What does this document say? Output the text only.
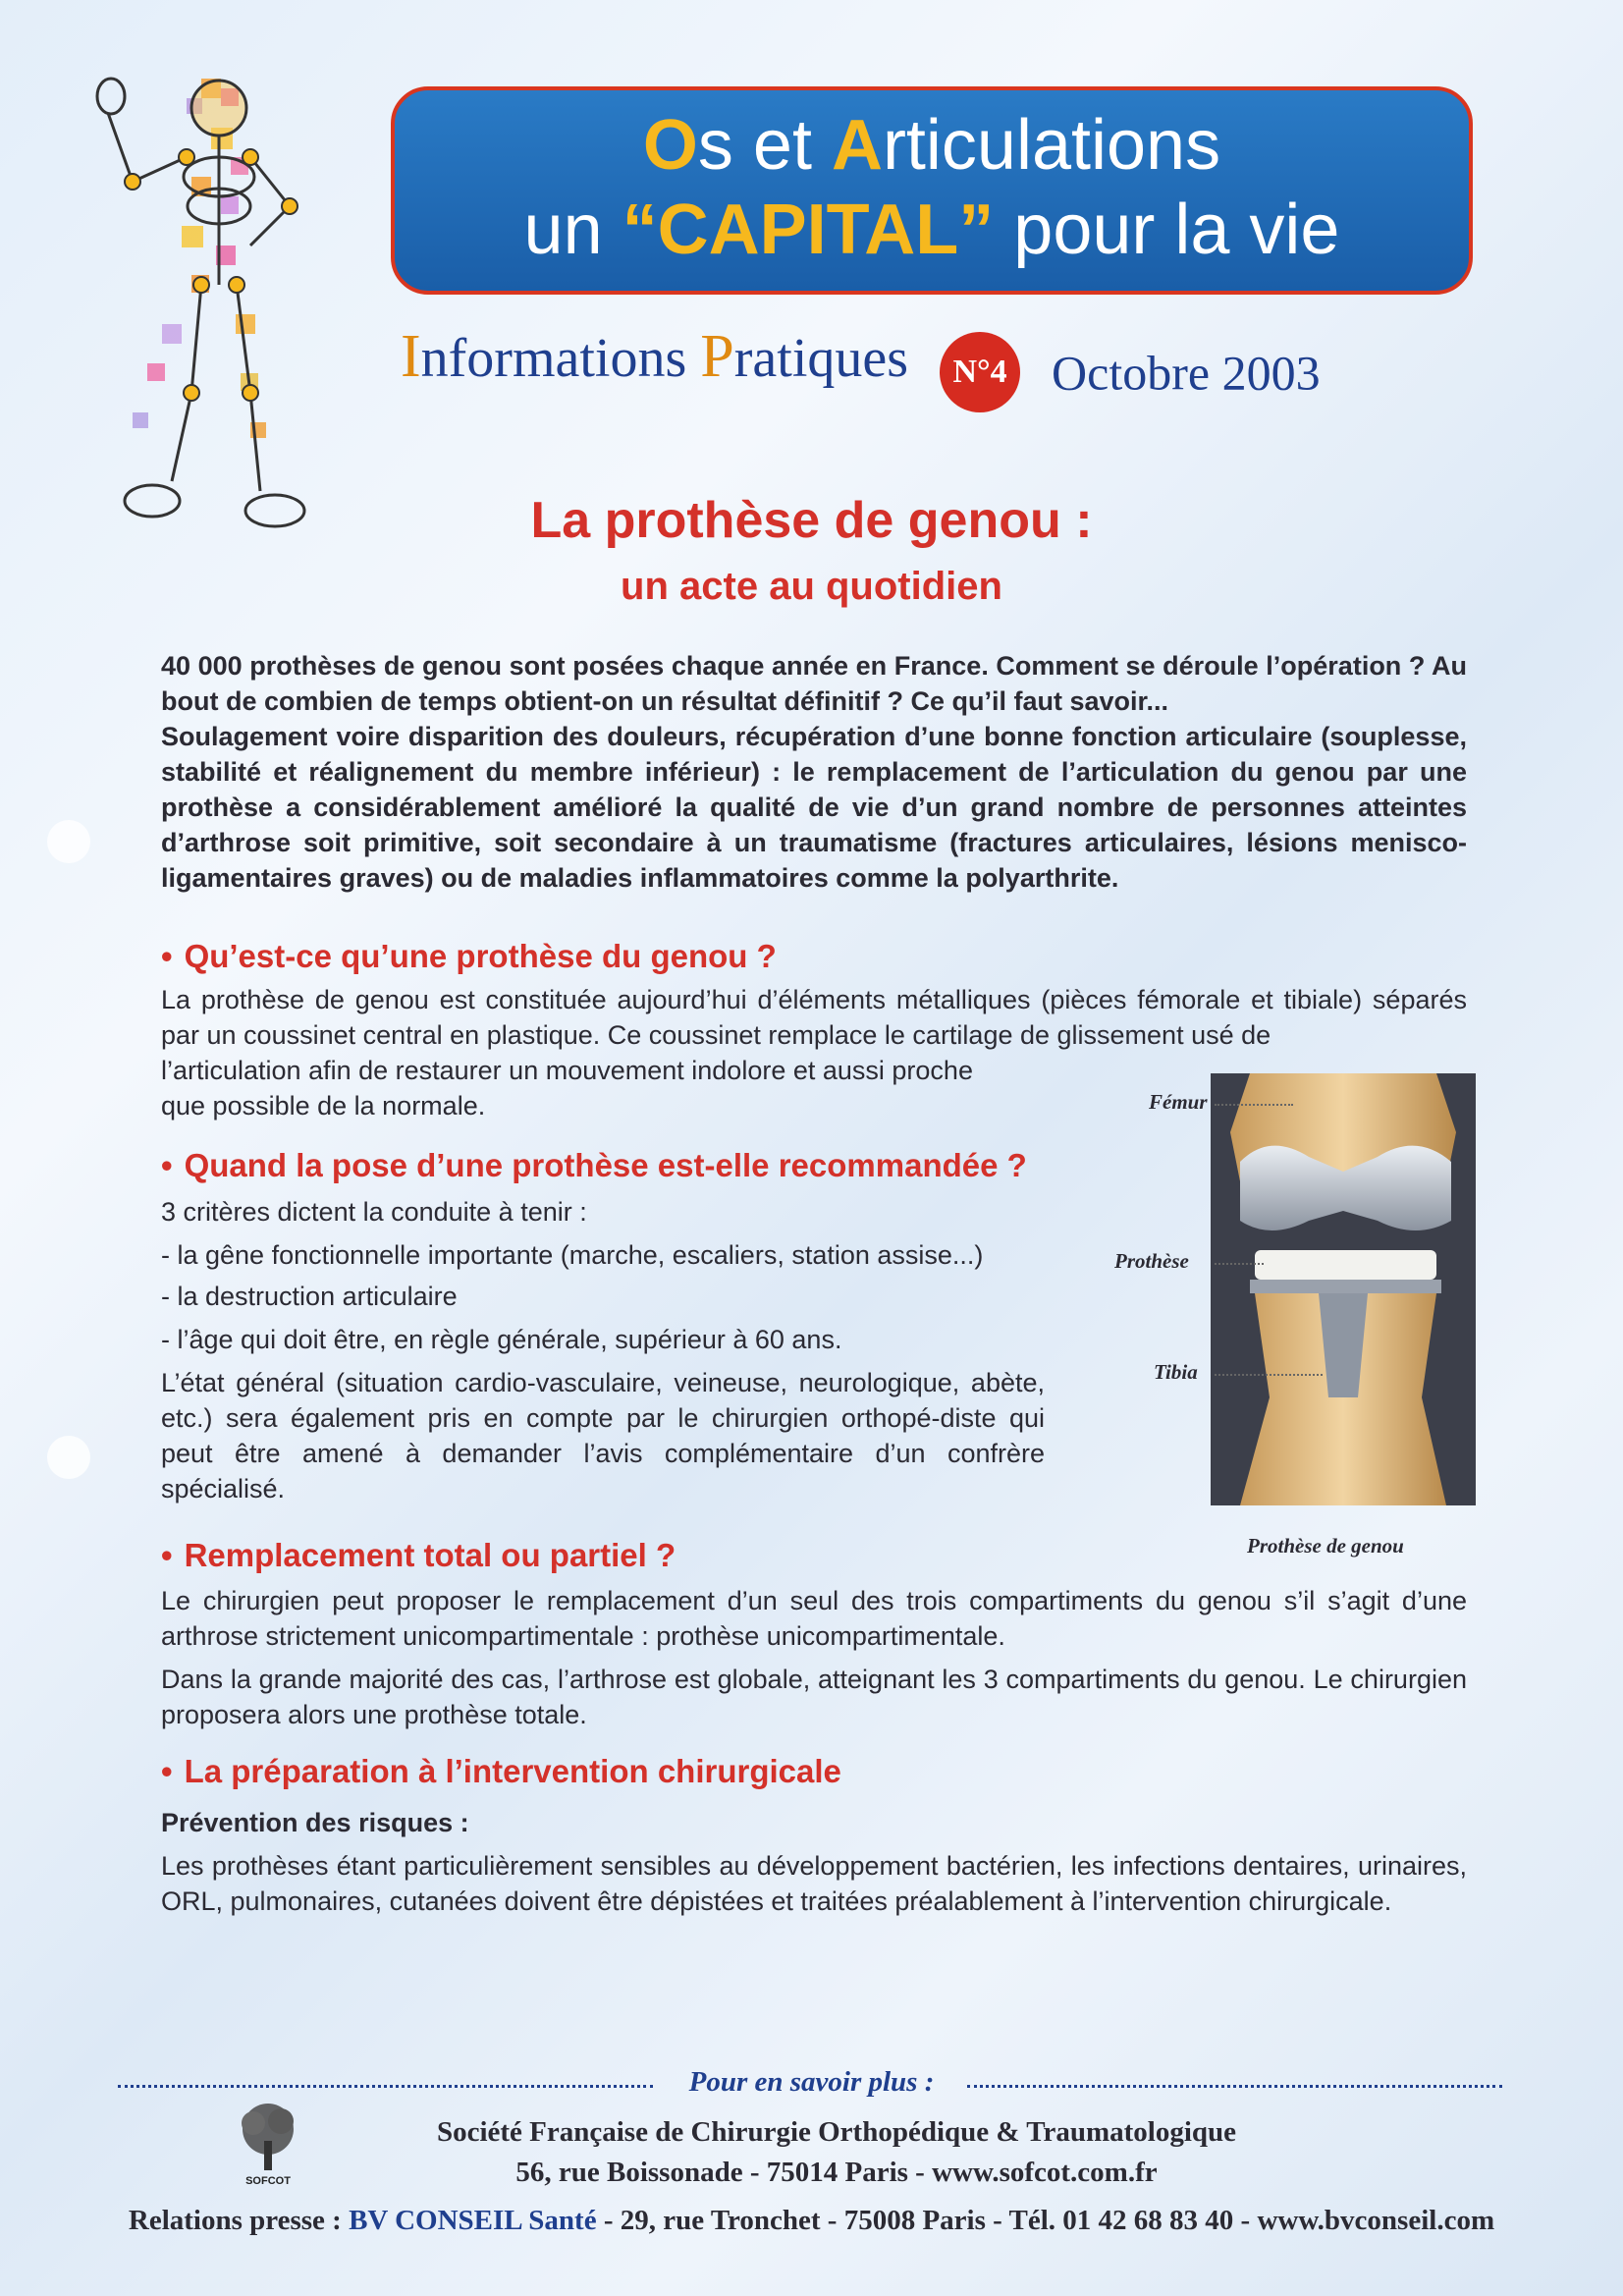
Os et Articulations
un “CAPITAL” pour la vie
Informations Pratiques N°4 Octobre 2003
La prothèse de genou :
un acte au quotidien
40 000 prothèses de genou sont posées chaque année en France. Comment se déroule l’opération ? Au bout de combien de temps obtient-on un résultat définitif ? Ce qu’il faut savoir...
Soulagement voire disparition des douleurs, récupération d’une bonne fonction articulaire (souplesse, stabilité et réalignement du membre inférieur) : le remplacement de l’articulation du genou par une prothèse a considérablement amélioré la qualité de vie d’un grand nombre de personnes atteintes d’arthrose soit primitive, soit secondaire à un traumatisme (fractures articulaires, lésions menisco-ligamentaires graves) ou de maladies inflammatoires comme la polyarthrite.
• Qu’est-ce qu’une prothèse du genou ?
La prothèse de genou est constituée aujourd’hui d’éléments métalliques (pièces fémorale et tibiale) séparés par un coussinet central en plastique. Ce coussinet remplace le cartilage de glissement usé de
l’articulation afin de restaurer un mouvement indolore et aussi proche
que possible de la normale.
• Quand la pose d’une prothèse est-elle recommandée ?
3 critères dictent la conduite à tenir :
- la gêne fonctionnelle importante (marche, escaliers, station assise...)
- la destruction articulaire
- l’âge qui doit être, en règle générale, supérieur à 60 ans.
L’état général (situation cardio-vasculaire, veineuse, neurologique, abète, etc.) sera également pris en compte par le chirurgien orthopé-diste qui peut être amené à demander l’avis complémentaire d’un confrère spécialisé.
Fémur
Prothèse
Tibia
Prothèse de genou
• Remplacement total ou partiel ?
Le chirurgien peut proposer le remplacement d’un seul des trois compartiments du genou s’il s’agit d’une arthrose strictement unicompartimentale : prothèse unicompartimentale.
Dans la grande majorité des cas, l’arthrose est globale, atteignant les 3 compartiments du genou. Le chirurgien proposera alors une prothèse totale.
• La préparation à l’intervention chirurgicale
Prévention des risques :
Les prothèses étant particulièrement sensibles au développement bactérien, les infections dentaires, urinaires, ORL, pulmonaires, cutanées doivent être dépistées et traitées préalablement à l’intervention chirurgicale.
Pour en savoir plus :
SOFCOT
Société Française de Chirurgie Orthopédique & Traumatologique
56, rue Boissonade - 75014 Paris - www.sofcot.com.fr
Relations presse : BV CONSEIL Santé - 29, rue Tronchet - 75008 Paris - Tél. 01 42 68 83 40 - www.bvconseil.com
